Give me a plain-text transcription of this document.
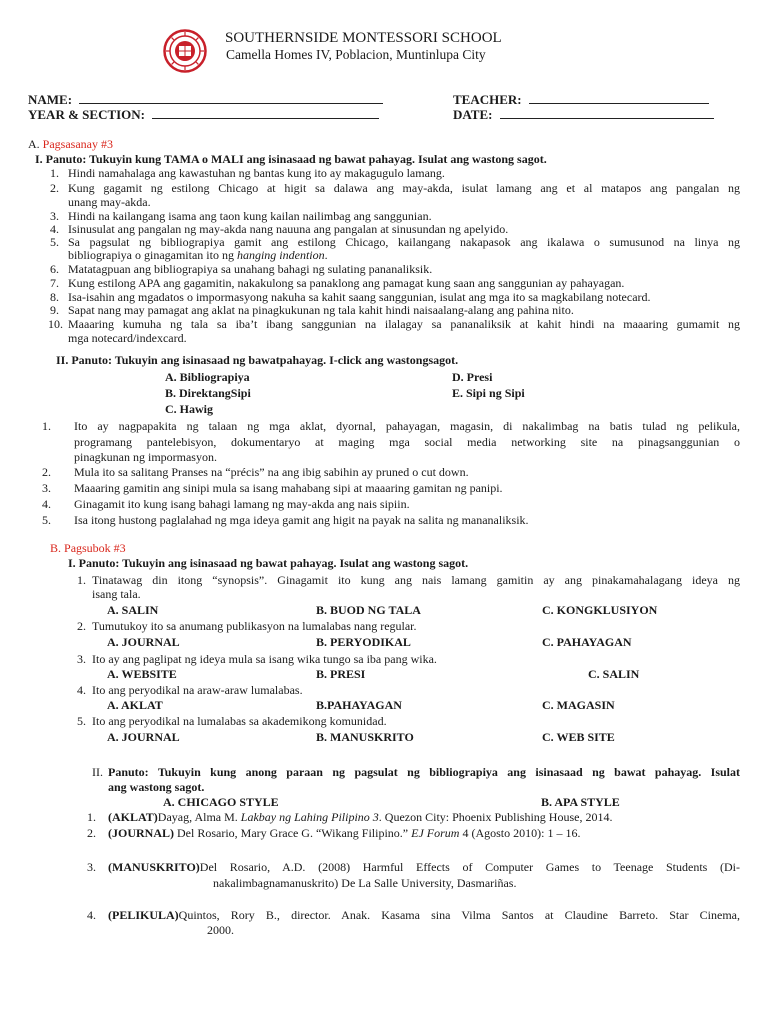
SOUTHERNSIDE MONTESSORI SCHOOL
Camella Homes IV, Poblacion, Muntinlupa City
NAME:
YEAR & SECTION:
TEACHER:
DATE:
A. Pagsasanay #3
I. Panuto: Tukuyin kung TAMA o MALI ang isinasaad ng bawat pahayag. Isulat ang wastong sagot.
1. Hindi namahalaga ang kawastuhan ng bantas kung ito ay makagugulo lamang.
2. Kung gagamit ng estilong Chicago at higit sa dalawa ang may-akda, isulat lamang ang et al matapos ang pangalan ng
unang may-akda.
3. Hindi na kailangang isama ang taon kung kailan nailimbag ang sanggunian.
4. Isinusulat ang pangalan ng may-akda nang nauuna ang pangalan at sinusundan ng apelyido.
5. Sa pagsulat ng bibliograpiya gamit ang estilong Chicago, kailangang nakapasok ang ikalawa o sumusunod na linya ng
bibliograpiya o ginagamitan ito ng hanging indention.
6. Matatagpuan ang bibliograpiya sa unahang bahagi ng sulating pananaliksik.
7. Kung estilong APA ang gagamitin, nakakulong sa panaklong ang pamagat kung saan ang sanggunian ay pahayagan.
8. Isa-isahin ang mgadatos o impormasyong nakuha sa kahit saang sanggunian, isulat ang mga ito sa magkabilang notecard.
9. Sapat nang may pamagat ang aklat na pinagkukunan ng tala kahit hindi naisaalang-alang ang pahina nito.
10. Maaaring kumuha ng tala sa iba’t ibang sanggunian na ilalagay sa pananaliksik at kahit hindi na maaaring gumamit ng
mga notecard/indexcard.
II. Panuto: Tukuyin ang isinasaad ng bawatpahayag. I-click ang wastongsagot.
A. Bibliograpiya
B. DirektangSipi
C. Hawig
D. Presi
E. Sipi ng Sipi
1. Ito ay nagpapakita ng talaan ng mga aklat, dyornal, pahayagan, magasin, di nakalimbag na batis tulad ng pelikula,
programang pantelebisyon, dokumentaryo at maging mga social media networking site na pinagsanggunian o
pinagkunan ng impormasyon.
2. Mula ito sa salitang Pranses na “précis” na ang ibig sabihin ay pruned o cut down.
3. Maaaring gamitin ang sinipi mula sa isang mahabang sipi at maaaring gamitan ng panipi.
4. Ginagamit ito kung isang bahagi lamang ng may-akda ang nais sipiin.
5. Isa itong hustong paglalahad ng mga ideya gamit ang higit na payak na salita ng mananaliksik.
B. Pagsubok #3
I. Panuto: Tukuyin ang isinasaad ng bawat pahayag. Isulat ang wastong sagot.
1. Tinatawag din itong “synopsis”. Ginagamit ito kung ang nais lamang gamitin ay ang pinakamahalagang ideya ng
isang tala.
A. SALIN	B. BUOD NG TALA	C. KONGKLUSIYON
2. Tumutukoy ito sa anumang publikasyon na lumalabas nang regular.
A. JOURNAL	B. PERYODIKAL	C. PAHAYAGAN
3. Ito ay ang paglipat ng ideya mula sa isang wika tungo sa iba pang wika.
A. WEBSITE	B. PRESI	C. SALIN
4. Ito ang peryodikal na araw-araw lumalabas.
A. AKLAT	B.PAHAYAGAN	C. MAGASIN
5. Ito ang peryodikal na lumalabas sa akademikong komunidad.
A. JOURNAL	B. MANUSKRITO	C. WEB SITE
II. Panuto: Tukuyin kung anong paraan ng pagsulat ng bibliograpiya ang isinasaad ng bawat pahayag. Isulat
ang wastong sagot.
A. CHICAGO STYLE	B. APA STYLE
1. (AKLAT)Dayag, Alma M. Lakbay ng Lahing Pilipino 3. Quezon City: Phoenix Publishing House, 2014.
2. (JOURNAL) Del Rosario, Mary Grace G. “Wikang Filipino.” EJ Forum 4 (Agosto 2010): 1 – 16.
3. (MANUSKRITO)Del Rosario, A.D. (2008) Harmful Effects of Computer Games to Teenage Students (Di-
nakalimbagnamanuskrito) De La Salle University, Dasmariñas.
4. (PELIKULA)Quintos, Rory B., director. Anak. Kasama sina Vilma Santos at Claudine Barreto. Star Cinema,
2000.
